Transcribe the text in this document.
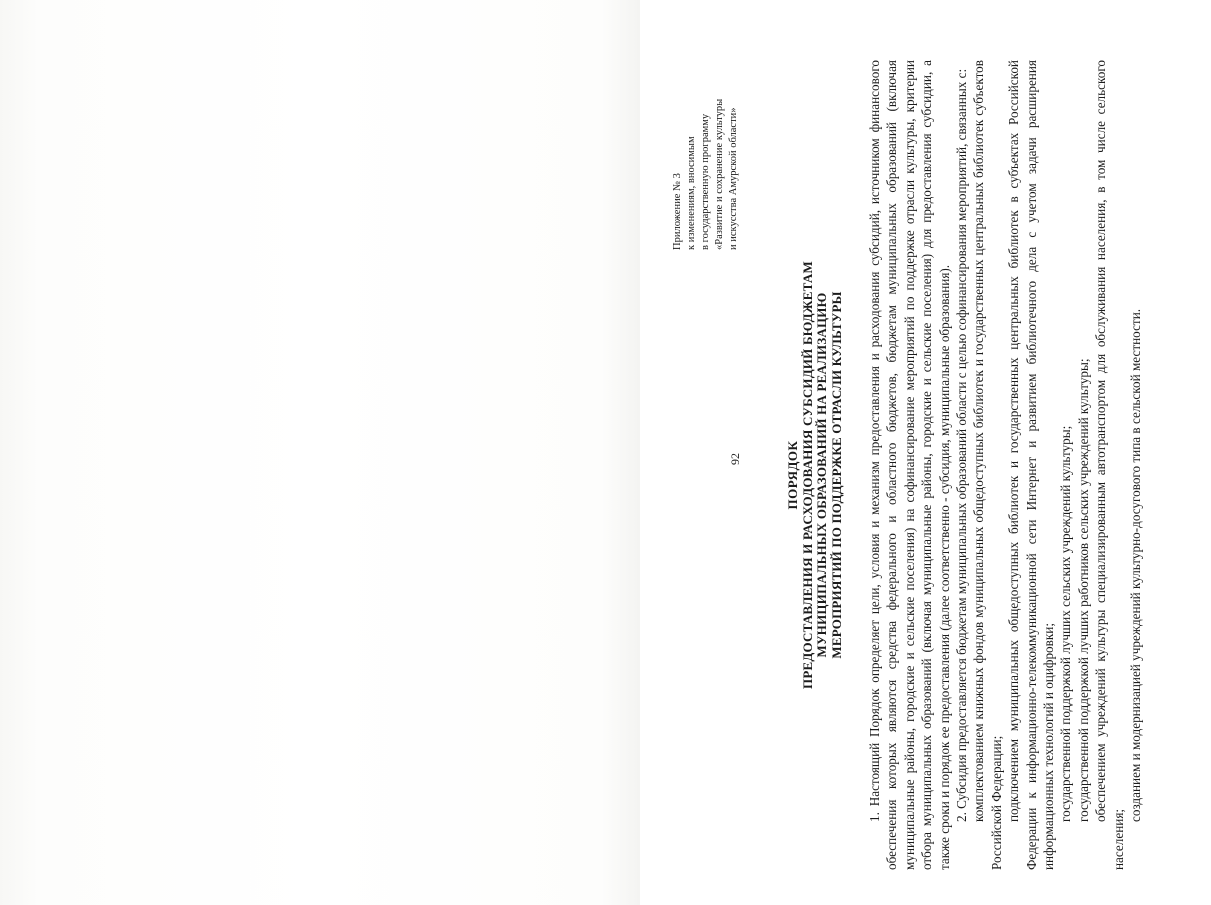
92
Приложение № 3 к изменениям, вносимым в государственную программу «Развитие и сохранение культуры и искусства Амурской области»
ПОРЯДОК ПРЕДОСТАВЛЕНИЯ И РАСХОДОВАНИЯ СУБСИДИЙ БЮДЖЕТАМ МУНИЦИПАЛЬНЫХ ОБРАЗОВАНИЙ НА РЕАЛИЗАЦИЮ МЕРОПРИЯТИЙ ПО ПОДДЕРЖКЕ ОТРАСЛИ КУЛЬТУРЫ 1. Настоящий Порядок определяет цели, условия и механизм предоставления и расходования субсидий, источником финансового обеспечения которых являются средства федерального и областного бюджетов, бюджетам муниципальных образований (включая муниципальные районы, городские и сельские поселения) на софинансирование мероприятий по поддержке отрасли культуры, критерии отбора муниципальных образований (включая муниципальные районы, городские и сельские поселения) для предоставления субсидии, а также сроки и порядок ее предоставления (далее соответственно - субсидия, муниципальные образования). 2. Субсидия предоставляется бюджетам муниципальных образований области с целью софинансирования мероприятий, связанных с: комплектованием книжных фондов муниципальных общедоступных библиотек и государственных центральных библиотек субъектов Российской Федерации; подключением муниципальных общедоступных библиотек и государственных центральных библиотек в субъектах Российской Федерации к информационно-телекоммуникационной сети Интернет и развитием библиотечного дела с учетом задачи расширения информационных технологий и оцифровки; государственной поддержкой лучших сельских учреждений культуры; государственной поддержкой лучших работников сельских учреждений культуры; обеспечением учреждений культуры специализированным автотранспортом для обслуживания населения, в том числе сельского населения;

созданием и модернизацией учреждений культурно-досугового типа в сельской местности.
